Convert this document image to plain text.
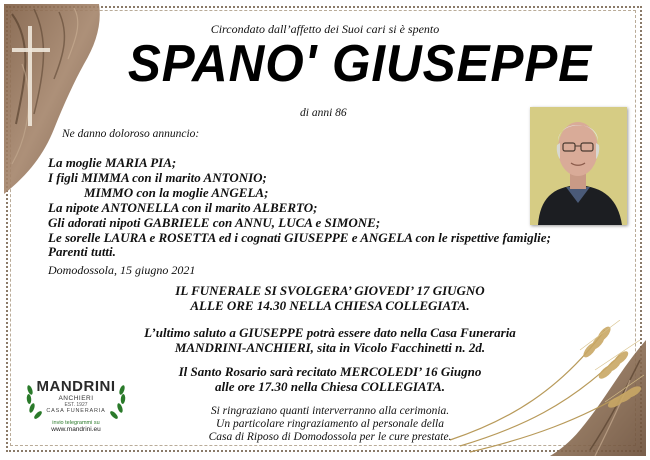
Circondato dall’affetto dei Suoi cari si è spento
SPANO' GIUSEPPE
di anni 86
Ne danno doloroso annuncio:
La moglie MARIA PIA;
I figli MIMMA con il marito ANTONIO;
MIMMO con la moglie ANGELA;
La nipote ANTONELLA con il marito ALBERTO;
Gli adorati nipoti GABRIELE con ANNU, LUCA e SIMONE;
Le sorelle LAURA e ROSETTA ed i cognati GIUSEPPE e ANGELA con le rispettive famiglie;
Parenti tutti.
Domodossola, 15 giugno 2021
IL FUNERALE SI SVOLGERA’ GIOVEDI’ 17 GIUGNO
ALLE ORE 14.30 NELLA CHIESA COLLEGIATA.
L’ultimo saluto a GIUSEPPE potrà essere dato nella Casa Funeraria
MANDRINI-ANCHIERI, sita in Vicolo Facchinetti n. 2d.
Il Santo Rosario sarà recitato MERCOLEDI’ 16 Giugno
alle ore 17.30 nella Chiesa COLLEGIATA.
Si ringraziano quanti interverranno alla cerimonia.
Un particolare ringraziamento al personale della
Casa di Riposo di Domodossola per le cure prestate.
MANDRINI
ANCHIERI
EST. 1927
CASA FUNERARIA
invio telegrammi su
www.mandrini.eu
